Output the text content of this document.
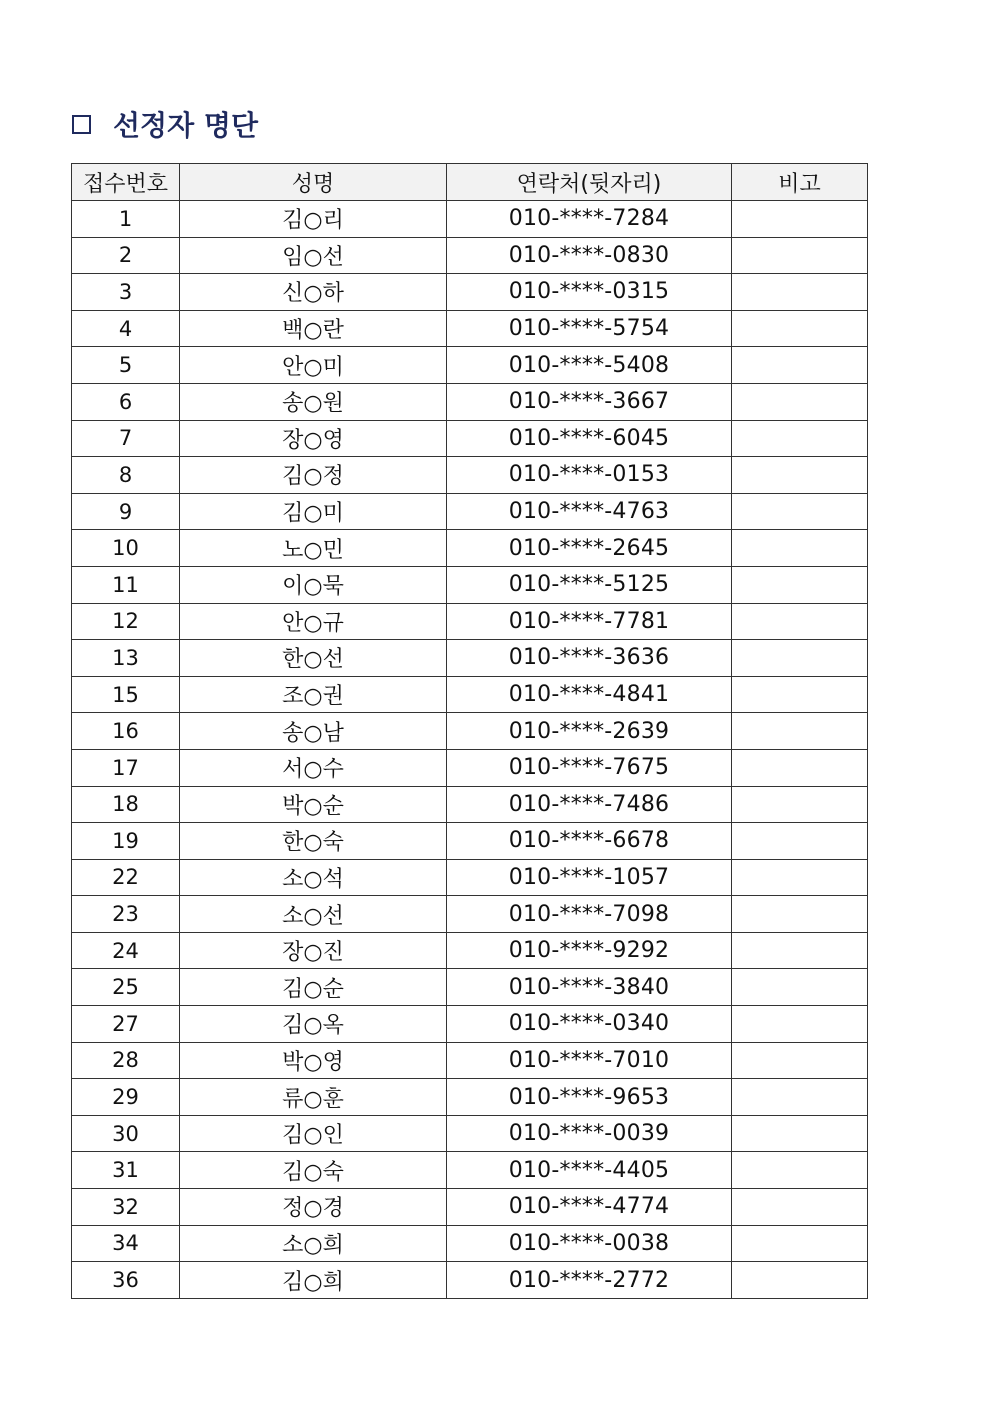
선정자 명단
접수번호	성명	연락처(뒷자리)	비고
1	김○리	010-****-7284	
2	임○선	010-****-0830	
3	신○하	010-****-0315	
4	백○란	010-****-5754	
5	안○미	010-****-5408	
6	송○원	010-****-3667	
7	장○영	010-****-6045	
8	김○정	010-****-0153	
9	김○미	010-****-4763	
10	노○민	010-****-2645	
11	이○묵	010-****-5125	
12	안○규	010-****-7781	
13	한○선	010-****-3636	
15	조○권	010-****-4841	
16	송○남	010-****-2639	
17	서○수	010-****-7675	
18	박○순	010-****-7486	
19	한○숙	010-****-6678	
22	소○석	010-****-1057	
23	소○선	010-****-7098	
24	장○진	010-****-9292	
25	김○순	010-****-3840	
27	김○옥	010-****-0340	
28	박○영	010-****-7010	
29	류○훈	010-****-9653	
30	김○인	010-****-0039	
31	김○숙	010-****-4405	
32	정○경	010-****-4774	
34	소○희	010-****-0038	
36	김○희	010-****-2772	
